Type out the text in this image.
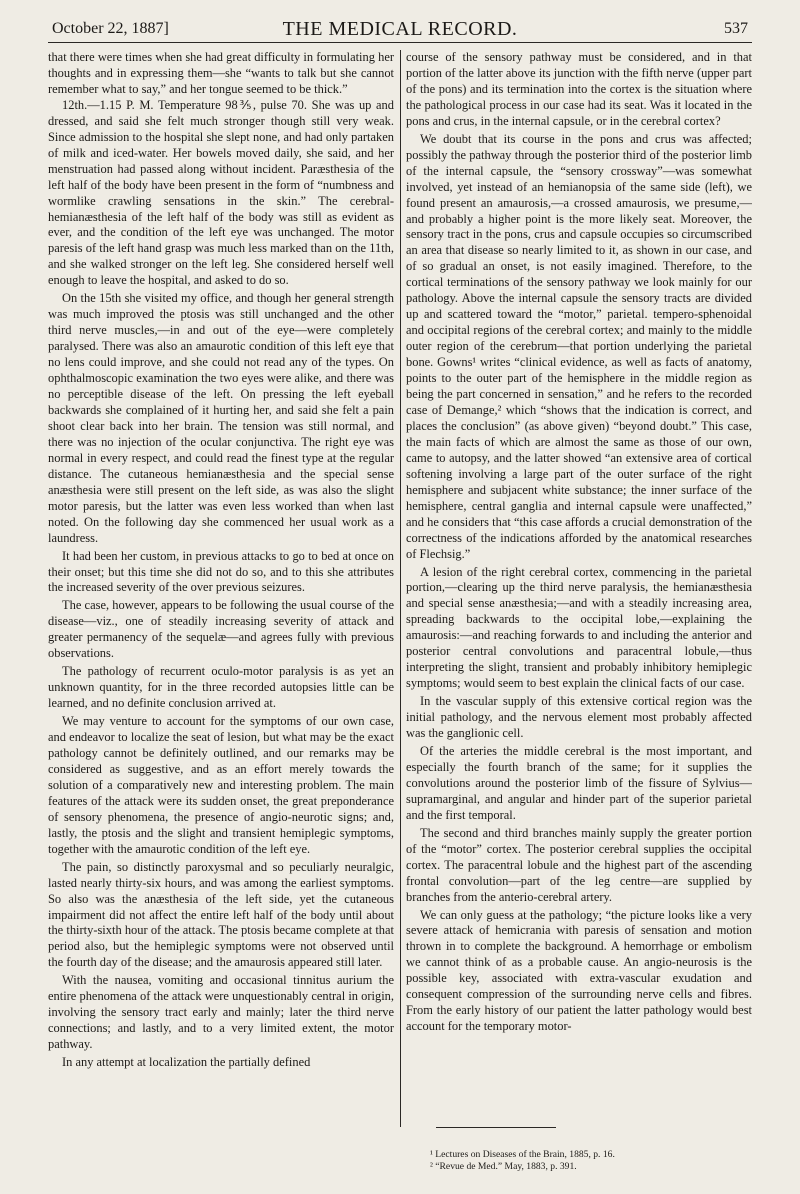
October 22, 1887]	THE MEDICAL RECORD.	537

that there were times when she had great difficulty in formulating her thoughts and in expressing them—she “wants to talk but she cannot remember what to say,” and her tongue seemed to be thick.”

12th.—1.15 P. M. Temperature 98⅗, pulse 70. She was up and dressed, and said she felt much stronger though still very weak. Since admission to the hospital she slept none, and had only partaken of milk and iced-water. Her bowels moved daily, she said, and her menstruation had passed along without incident. Paræsthesia of the left half of the body have been present in the form of “numbness and wormlike crawling sensations in the skin.” The cerebral-hemianæsthesia of the left half of the body was still as evident as ever, and the condition of the left eye was unchanged. The motor paresis of the left hand grasp was much less marked than on the 11th, and she walked stronger on the left leg. She considered herself well enough to leave the hospital, and asked to do so.

On the 15th she visited my office, and though her general strength was much improved the ptosis was still unchanged and the other third nerve muscles,—in and out of the eye—were completely paralysed. There was also an amaurotic condition of this left eye that no lens could improve, and she could not read any of the types. On ophthalmoscopic examination the two eyes were alike, and there was no perceptible disease of the left. On pressing the left eyeball backwards she complained of it hurting her, and said she felt a pain shoot clear back into her brain. The tension was still normal, and there was no injection of the ocular conjunctiva. The right eye was normal in every respect, and could read the finest type at the regular distance. The cutaneous hemianæsthesia and the special sense anæsthesia were still present on the left side, as was also the slight motor paresis, but the latter was even less worked than when last noted. On the following day she commenced her usual work as a laundress.

It had been her custom, in previous attacks to go to bed at once on their onset; but this time she did not do so, and to this she attributes the increased severity of the over previous seizures.

The case, however, appears to be following the usual course of the disease—viz., one of steadily increasing severity of attack and greater permanency of the sequelæ—and agrees fully with previous observations.

The pathology of recurrent oculo-motor paralysis is as yet an unknown quantity, for in the three recorded autopsies little can be learned, and no definite conclusion arrived at.

We may venture to account for the symptoms of our own case, and endeavor to localize the seat of lesion, but what may be the exact pathology cannot be definitely outlined, and our remarks may be considered as suggestive, and as an effort merely towards the solution of a comparatively new and interesting problem. The main features of the attack were its sudden onset, the great preponderance of sensory phenomena, the presence of angio-neurotic signs; and, lastly, the ptosis and the slight and transient hemiplegic symptoms, together with the amaurotic condition of the left eye.

The pain, so distinctly paroxysmal and so peculiarly neuralgic, lasted nearly thirty-six hours, and was among the earliest symptoms. So also was the anæsthesia of the left side, yet the cutaneous impairment did not affect the entire left half of the body until about the thirty-sixth hour of the attack. The ptosis became complete at that period also, but the hemiplegic symptoms were not observed until the fourth day of the disease; and the amaurosis appeared still later.

With the nausea, vomiting and occasional tinnitus aurium the entire phenomena of the attack were unquestionably central in origin, involving the sensory tract early and mainly; later the third nerve connections; and lastly, and to a very limited extent, the motor pathway.

In any attempt at localization the partially defined

course of the sensory pathway must be considered, and in that portion of the latter above its junction with the fifth nerve (upper part of the pons) and its termination into the cortex is the situation where the pathological process in our case had its seat. Was it located in the pons and crus, in the internal capsule, or in the cerebral cortex?

We doubt that its course in the pons and crus was affected; possibly the pathway through the posterior third of the posterior limb of the internal capsule, the “sensory crossway”—was somewhat involved, yet instead of an hemianopsia of the same side (left), we found present an amaurosis,—a crossed amaurosis, we presume,—and probably a higher point is the more likely seat. Moreover, the sensory tract in the pons, crus and capsule occupies so circumscribed an area that disease so nearly limited to it, as shown in our case, and of so gradual an onset, is not easily imagined. Therefore, to the cortical terminations of the sensory pathway we look mainly for our pathology. Above the internal capsule the sensory tracts are divided up and scattered toward the “motor,” parietal. tempero-sphenoidal and occipital regions of the cerebral cortex; and mainly to the middle outer region of the cerebrum—that portion underlying the parietal bone. Gowns¹ writes “clinical evidence, as well as facts of anatomy, points to the outer part of the hemisphere in the middle region as being the part concerned in sensation,” and he refers to the recorded case of Demange,² which “shows that the indication is correct, and places the conclusion” (as above given) “beyond doubt.” This case, the main facts of which are almost the same as those of our own, came to autopsy, and the latter showed “an extensive area of cortical softening involving a large part of the outer surface of the right hemisphere and subjacent white substance; the inner surface of the hemisphere, central ganglia and internal capsule were unaffected,” and he considers that “this case affords a crucial demonstration of the correctness of the indications afforded by the anatomical researches of Flechsig.”

A lesion of the right cerebral cortex, commencing in the parietal portion,—clearing up the third nerve paralysis, the hemianæsthesia and special sense anæsthesia;—and with a steadily increasing area, spreading backwards to the occipital lobe,—explaining the amaurosis:—and reaching forwards to and including the anterior and posterior central convolutions and paracentral lobule,—thus interpreting the slight, transient and probably inhibitory hemiplegic symptoms; would seem to best explain the clinical facts of our case.

In the vascular supply of this extensive cortical region was the initial pathology, and the nervous element most probably affected was the ganglionic cell.

Of the arteries the middle cerebral is the most important, and especially the fourth branch of the same; for it supplies the convolutions around the posterior limb of the fissure of Sylvius—supramarginal, and angular and hinder part of the superior parietal and the first temporal.

The second and third branches mainly supply the greater portion of the “motor” cortex. The posterior cerebral supplies the occipital cortex. The paracentral lobule and the highest part of the ascending frontal convolution—part of the leg centre—are supplied by branches from the anterio-cerebral artery.

We can only guess at the pathology; “the picture looks like a very severe attack of hemicrania with paresis of sensation and motion thrown in to complete the background. A hemorrhage or embolism we cannot think of as a probable cause. An angio-neurosis is the possible key, associated with extra-vascular exudation and consequent compression of the surrounding nerve cells and fibres. From the early history of our patient the latter pathology would best account for the temporary motor-

¹ Lectures on Diseases of the Brain, 1885, p. 16.

² “Revue de Med.” May, 1883, p. 391.
